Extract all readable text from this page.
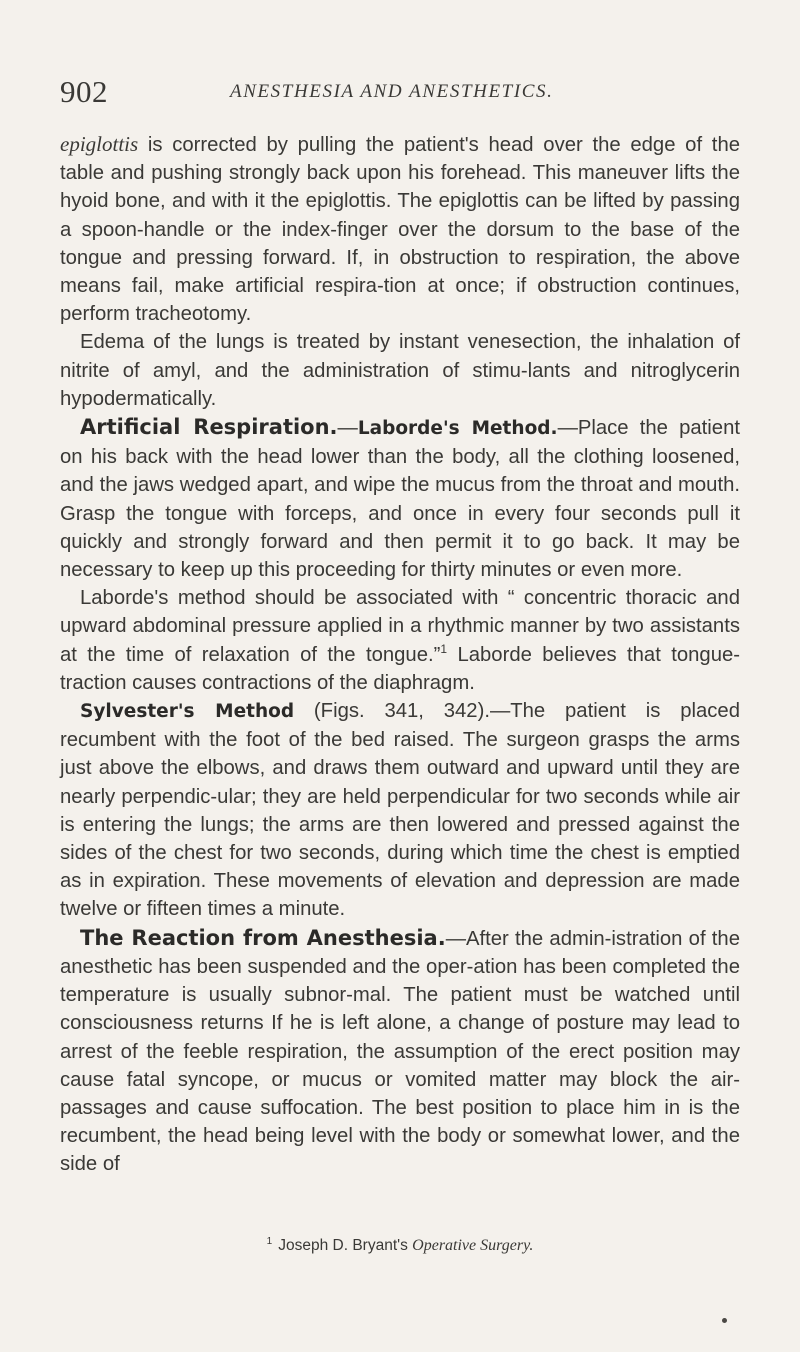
902	ANESTHESIA AND ANESTHETICS.

epiglottis is corrected by pulling the patient's head over the edge of the table and pushing strongly back upon his forehead. This maneuver lifts the hyoid bone, and with it the epiglottis. The epiglottis can be lifted by passing a spoon-handle or the index-finger over the dorsum to the base of the tongue and pressing forward. If, in obstruction to respiration, the above means fail, make artificial respira-tion at once; if obstruction continues, perform tracheotomy.

Edema of the lungs is treated by instant venesection, the inhalation of nitrite of amyl, and the administration of stimu-lants and nitroglycerin hypodermatically.

Artificial Respiration.—Laborde's Method.—Place the patient on his back with the head lower than the body, all the clothing loosened, and the jaws wedged apart, and wipe the mucus from the throat and mouth. Grasp the tongue with forceps, and once in every four seconds pull it quickly and strongly forward and then permit it to go back. It may be necessary to keep up this proceeding for thirty minutes or even more.

Laborde's method should be associated with “ concentric thoracic and upward abdominal pressure applied in a rhythmic manner by two assistants at the time of relaxation of the tongue.”$^1$ Laborde believes that tongue-traction causes contractions of the diaphragm.

Sylvester's Method (Figs. 341, 342).—The patient is placed recumbent with the foot of the bed raised. The surgeon grasps the arms just above the elbows, and draws them outward and upward until they are nearly perpendic-ular; they are held perpendicular for two seconds while air is entering the lungs; the arms are then lowered and pressed against the sides of the chest for two seconds, during which time the chest is emptied as in expiration. These movements of elevation and depression are made twelve or fifteen times a minute.

The Reaction from Anesthesia.—After the admin-istration of the anesthetic has been suspended and the oper-ation has been completed the temperature is usually subnor-mal. The patient must be watched until consciousness returns If he is left alone, a change of posture may lead to arrest of the feeble respiration, the assumption of the erect position may cause fatal syncope, or mucus or vomited matter may block the air-passages and cause suffocation. The best position to place him in is the recumbent, the head being level with the body or somewhat lower, and the side of

$^1$ Joseph D. Bryant's Operative Surgery.
